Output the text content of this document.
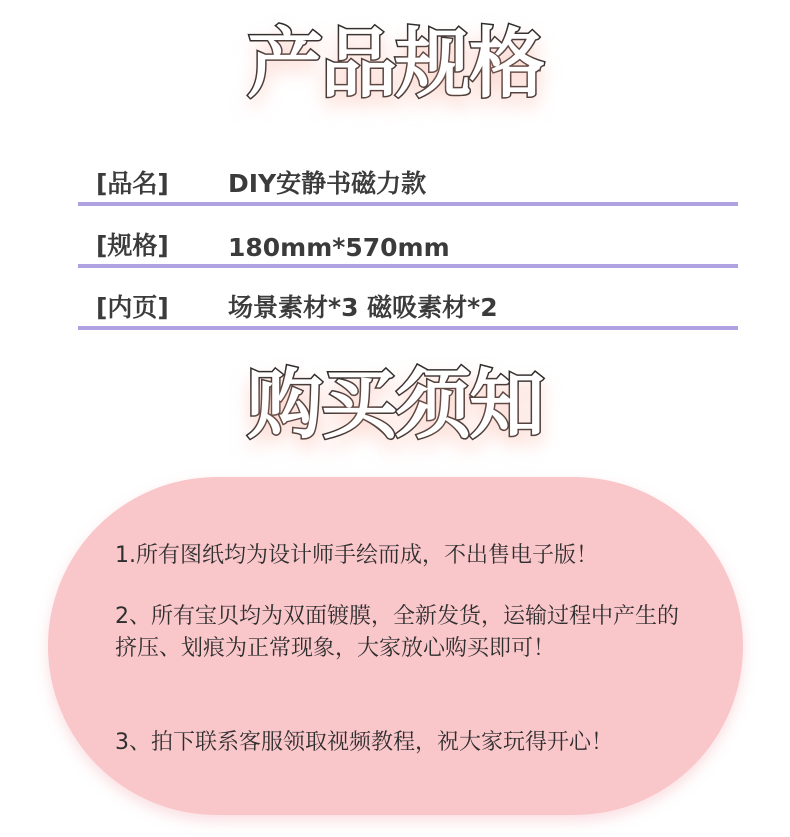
产品规格
[品名] DIY安静书磁力款
[规格] 180mm*570mm
[内页] 场景素材*3 磁吸素材*2
购买须知
1.所有图纸均为设计师手绘而成，不出售电子版！
2、所有宝贝均为双面镀膜，全新发货，运输过程中产生的挤压、划痕为正常现象，大家放心购买即可！
3、拍下联系客服领取视频教程，祝大家玩得开心！
